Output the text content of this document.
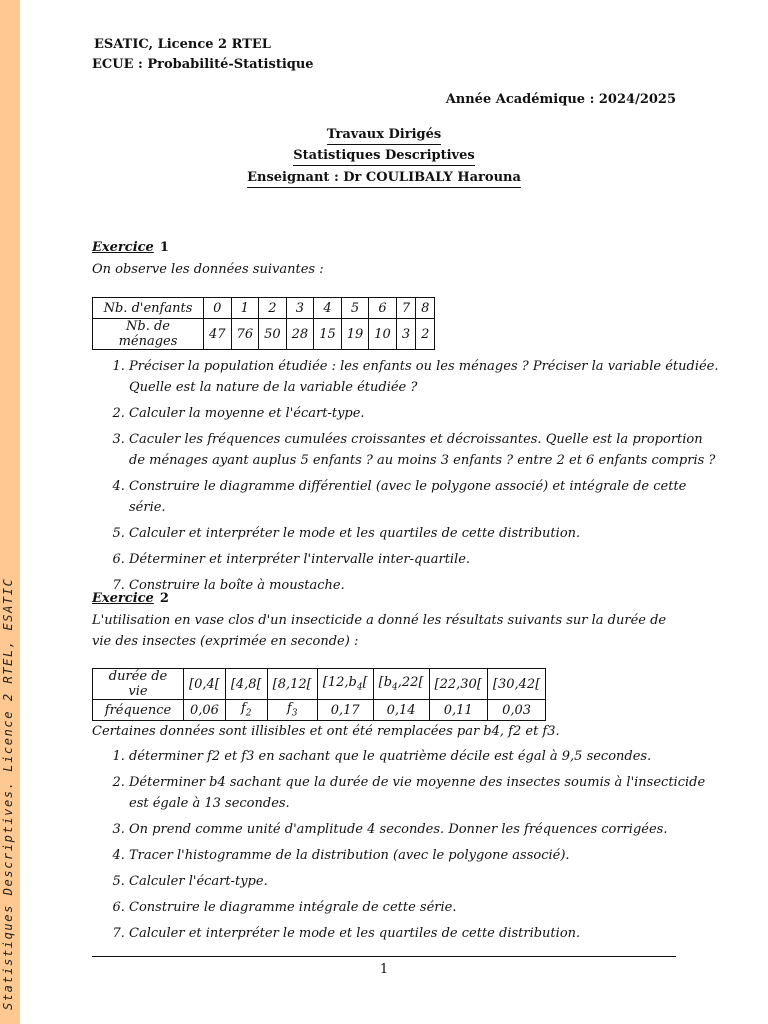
Statistiques Descriptives. Licence 2 RTEL, ESATIC
ESATIC, Licence 2 RTEL
ECUE : Probabilité-Statistique
Année Académique : 2024/2025
Travaux Dirigés
Statistiques Descriptives
Enseignant : Dr COULIBALY Harouna
Exercice 1
On observe les données suivantes :
Nb. d'enfants	0	1	2	3	4	5	6	7	8
Nb. de ménages	47	76	50	28	15	19	10	3	2
1. Préciser la population étudiée : les enfants ou les ménages ? Préciser la variable étudiée. Quelle est la nature de la variable étudiée ?
2. Calculer la moyenne et l'écart-type.
3. Caculer les fréquences cumulées croissantes et décroissantes. Quelle est la proportion de ménages ayant auplus 5 enfants ? au moins 3 enfants ? entre 2 et 6 enfants compris ?
4. Construire le diagramme différentiel (avec le polygone associé) et intégrale de cette série.
5. Calculer et interpréter le mode et les quartiles de cette distribution.
6. Déterminer et interpréter l'intervalle inter-quartile.
7. Construire la boîte à moustache.
Exercice 2
L'utilisation en vase clos d'un insecticide a donné les résultats suivants sur la durée de vie des insectes (exprimée en seconde) :
durée de vie	[0,4[	[4,8[	[8,12[	[$12,b_4$[	[$b_4,22$[	[22,30[	[30,42[
fréquence	0,06	$f_2$	$f_3$	0,17	0,14	0,11	0,03
Certaines données sont illisibles et ont été remplacées par b4, f2 et f3.
1. déterminer f2 et f3 en sachant que le quatrième décile est égal à 9,5 secondes.
2. Déterminer b4 sachant que la durée de vie moyenne des insectes soumis à l'insecticide est égale à 13 secondes.
3. On prend comme unité d'amplitude 4 secondes. Donner les fréquences corrigées.
4. Tracer l'histogramme de la distribution (avec le polygone associé).
5. Calculer l'écart-type.
6. Construire le diagramme intégrale de cette série.
7. Calculer et interpréter le mode et les quartiles de cette distribution.
1
